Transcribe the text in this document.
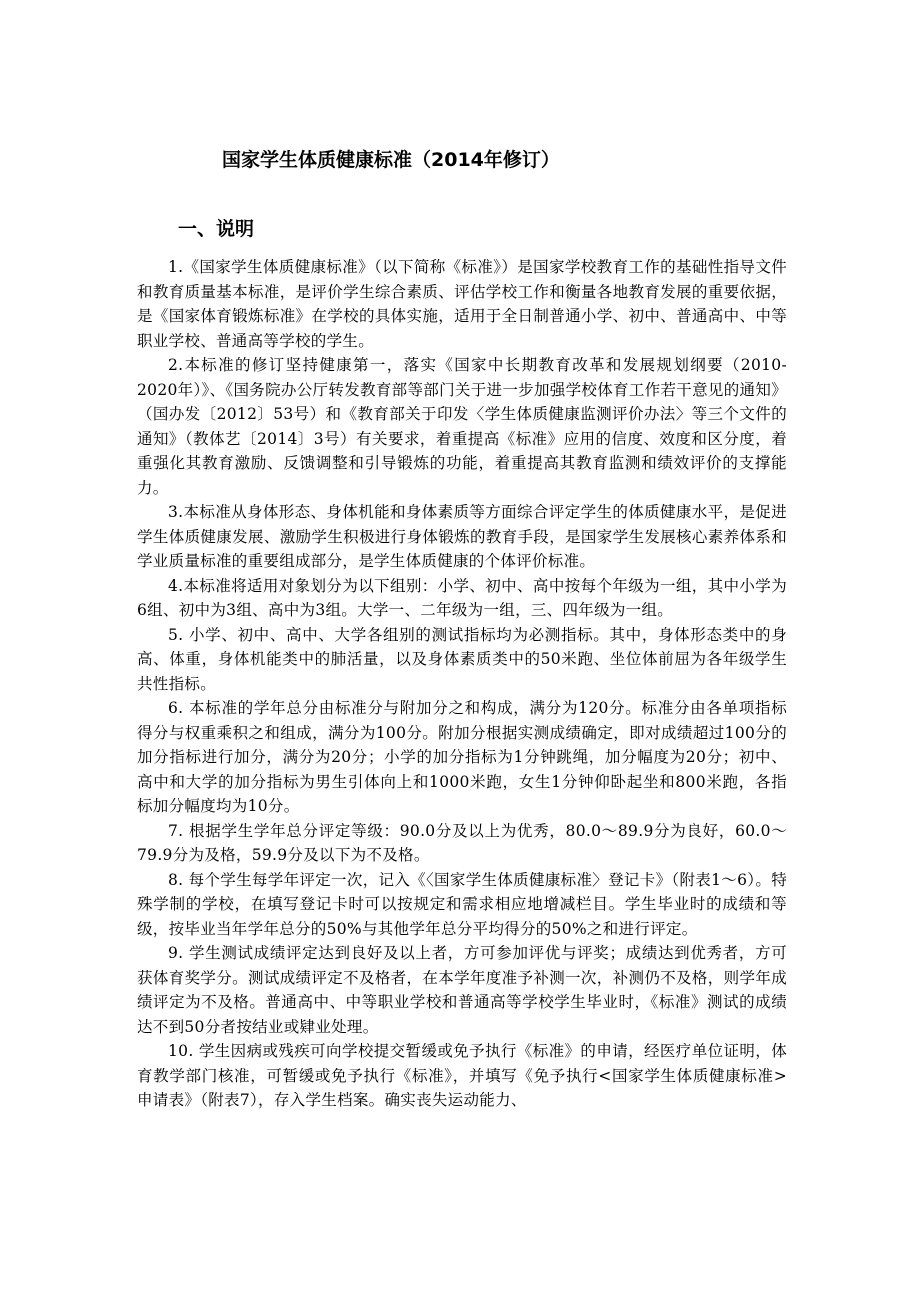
国家学生体质健康标准（2014年修订）
一、说明

1.《国家学生体质健康标准》（以下简称《标准》）是国家学校教育工作的基础性指导文件和教育质量基本标准，是评价学生综合素质、评估学校工作和衡量各地教育发展的重要依据，是《国家体育锻炼标准》在学校的具体实施，适用于全日制普通小学、初中、普通高中、中等职业学校、普通高等学校的学生。

2.本标准的修订坚持健康第一，落实《国家中长期教育改革和发展规划纲要（2010-2020年）》、《国务院办公厅转发教育部等部门关于进一步加强学校体育工作若干意见的通知》（国办发〔2012〕53号）和《教育部关于印发〈学生体质健康监测评价办法〉等三个文件的通知》（教体艺〔2014〕3号）有关要求，着重提高《标准》应用的信度、效度和区分度，着重强化其教育激励、反馈调整和引导锻炼的功能，着重提高其教育监测和绩效评价的支撑能力。

3.本标准从身体形态、身体机能和身体素质等方面综合评定学生的体质健康水平，是促进学生体质健康发展、激励学生积极进行身体锻炼的教育手段，是国家学生发展核心素养体系和学业质量标准的重要组成部分，是学生体质健康的个体评价标准。

4.本标准将适用对象划分为以下组别：小学、初中、高中按每个年级为一组，其中小学为6组、初中为3组、高中为3组。大学一、二年级为一组，三、四年级为一组。

5. 小学、初中、高中、大学各组别的测试指标均为必测指标。其中，身体形态类中的身高、体重，身体机能类中的肺活量，以及身体素质类中的50米跑、坐位体前屈为各年级学生共性指标。

6. 本标准的学年总分由标准分与附加分之和构成，满分为120分。标准分由各单项指标得分与权重乘积之和组成，满分为100分。附加分根据实测成绩确定，即对成绩超过100分的加分指标进行加分，满分为20分；小学的加分指标为1分钟跳绳，加分幅度为20分；初中、高中和大学的加分指标为男生引体向上和1000米跑，女生1分钟仰卧起坐和800米跑，各指标加分幅度均为10分。

7. 根据学生学年总分评定等级：90.0分及以上为优秀，80.0～89.9分为良好，60.0～79.9分为及格，59.9分及以下为不及格。

8. 每个学生每学年评定一次，记入《〈国家学生体质健康标准〉登记卡》（附表1～6）。特殊学制的学校，在填写登记卡时可以按规定和需求相应地增减栏目。学生毕业时的成绩和等级，按毕业当年学年总分的50%与其他学年总分平均得分的50%之和进行评定。

9. 学生测试成绩评定达到良好及以上者，方可参加评优与评奖；成绩达到优秀者，方可获体育奖学分。测试成绩评定不及格者，在本学年度准予补测一次，补测仍不及格，则学年成绩评定为不及格。普通高中、中等职业学校和普通高等学校学生毕业时，《标准》测试的成绩达不到50分者按结业或肄业处理。

10. 学生因病或残疾可向学校提交暂缓或免予执行《标准》的申请，经医疗单位证明，体育教学部门核准，可暂缓或免予执行《标准》，并填写《免予执行<国家学生体质健康标准>申请表》（附表7），存入学生档案。确实丧失运动能力、
